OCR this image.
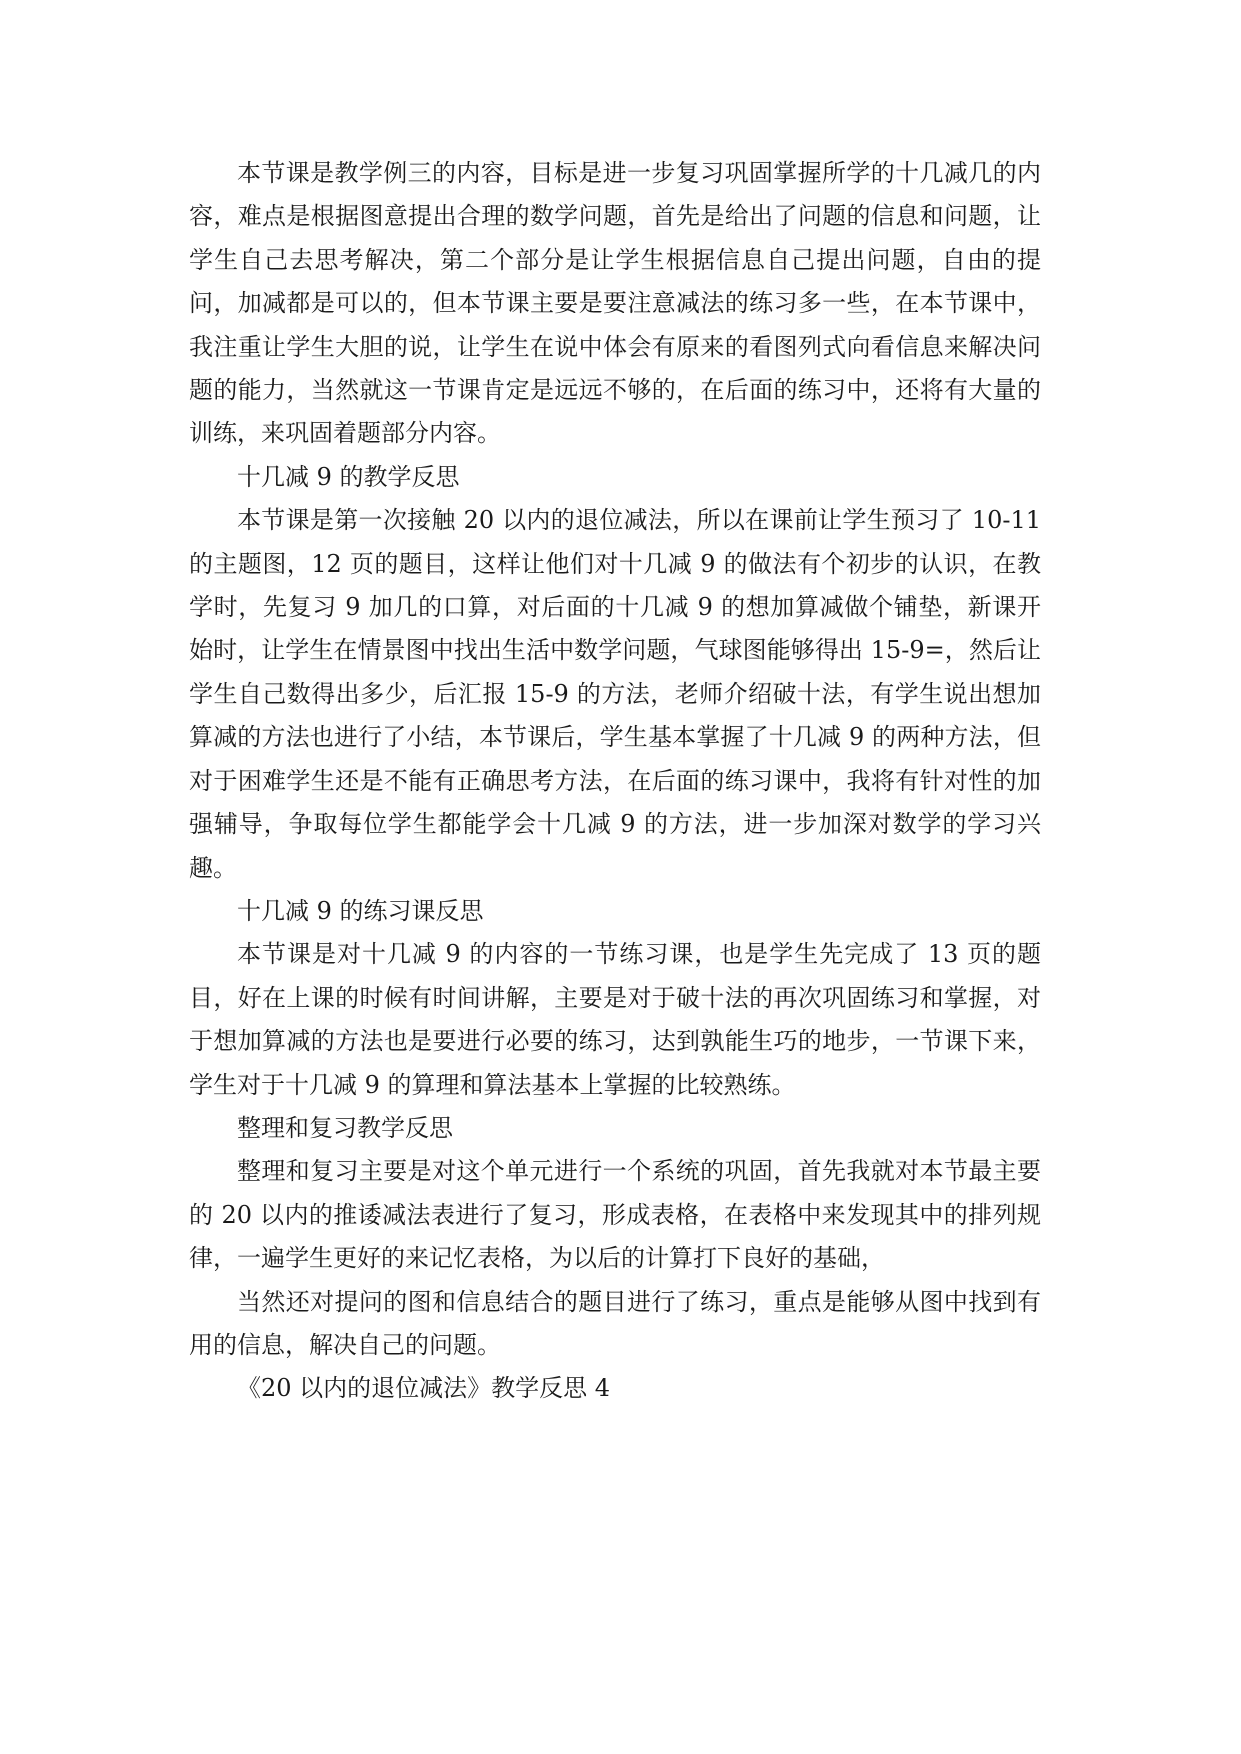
本节课是教学例三的内容，目标是进一步复习巩固掌握所学的十几减几的内容，难点是根据图意提出合理的数学问题，首先是给出了问题的信息和问题，让学生自己去思考解决，第二个部分是让学生根据信息自己提出问题，自由的提问，加减都是可以的，但本节课主要是要注意减法的练习多一些，在本节课中，我注重让学生大胆的说，让学生在说中体会有原来的看图列式向看信息来解决问题的能力，当然就这一节课肯定是远远不够的，在后面的练习中，还将有大量的训练，来巩固着题部分内容。

十几减 9 的教学反思

本节课是第一次接触 20 以内的退位减法，所以在课前让学生预习了 10-11 的主题图，12 页的题目，这样让他们对十几减 9 的做法有个初步的认识，在教学时，先复习 9 加几的口算，对后面的十几减 9 的想加算减做个铺垫，新课开始时，让学生在情景图中找出生活中数学问题，气球图能够得出 15-9=，然后让学生自己数得出多少，后汇报 15-9 的方法，老师介绍破十法，有学生说出想加算减的方法也进行了小结，本节课后，学生基本掌握了十几减 9 的两种方法，但对于困难学生还是不能有正确思考方法，在后面的练习课中，我将有针对性的加强辅导，争取每位学生都能学会十几减 9 的方法，进一步加深对数学的学习兴趣。

十几减 9 的练习课反思

本节课是对十几减 9 的内容的一节练习课，也是学生先完成了 13 页的题目，好在上课的时候有时间讲解，主要是对于破十法的再次巩固练习和掌握，对于想加算减的方法也是要进行必要的练习，达到孰能生巧的地步，一节课下来，学生对于十几减 9 的算理和算法基本上掌握的比较熟练。

整理和复习教学反思

整理和复习主要是对这个单元进行一个系统的巩固，首先我就对本节最主要的 20 以内的推诿减法表进行了复习，形成表格，在表格中来发现其中的排列规律，一遍学生更好的来记忆表格，为以后的计算打下良好的基础，

当然还对提问的图和信息结合的题目进行了练习，重点是能够从图中找到有用的信息，解决自己的问题。

《20 以内的退位减法》教学反思 4
